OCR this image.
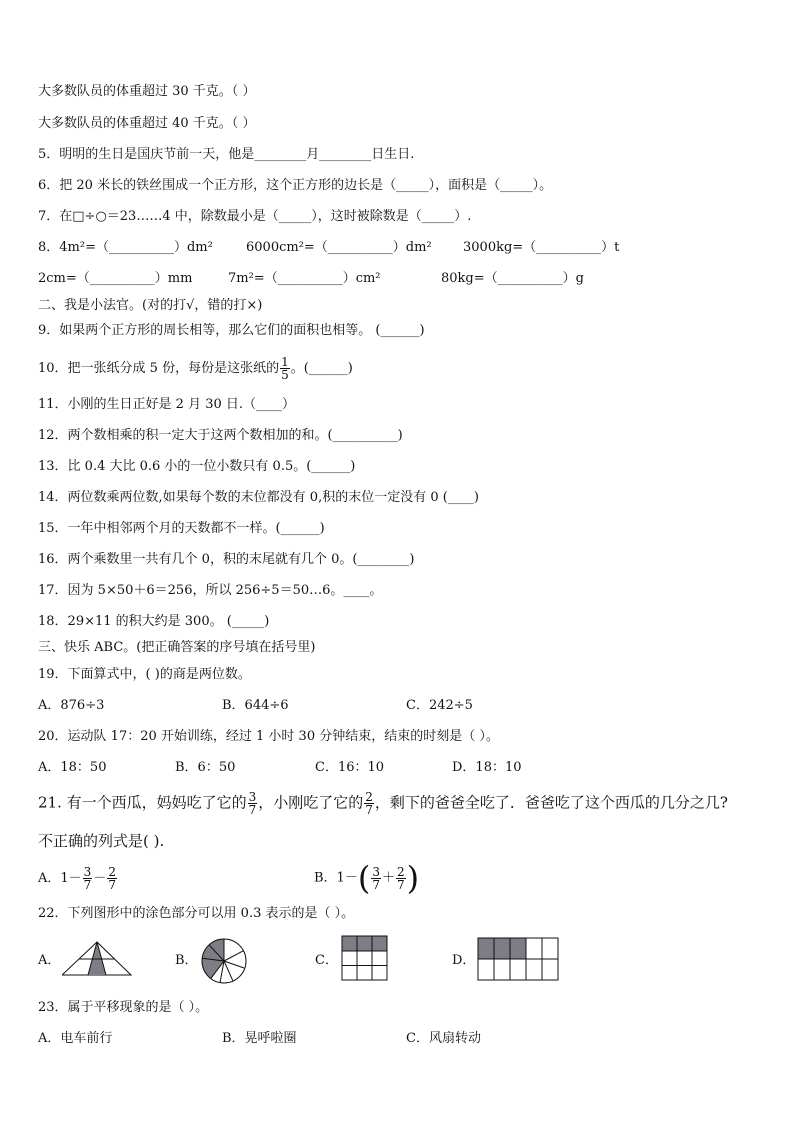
大多数队员的体重超过 30 千克。（ ）
大多数队员的体重超过 40 千克。（ ）
5．明明的生日是国庆节前一天，他是________月________日生日.
6．把 20 米长的铁丝围成一个正方形，这个正方形的边长是（_____），面积是（_____）。
7．在□÷○＝23……4 中，除数最小是（_____），这时被除数是（_____）.
8．4m²=（__________）dm²	6000cm²=（__________）dm² 3000kg=（__________）t
2cm=（__________）mm	7m²=（__________）cm²	80kg=（__________）g
二、我是小法官。(对的打√，错的打×)
9．如果两个正方形的周长相等，那么它们的面积也相等。 (______)
10．把一张纸分成 5 份，每份是这张纸的 $\frac{1}{5}$ 。(______)
11．小刚的生日正好是 2 月 30 日.（____）
12．两个数相乘的积一定大于这两个数相加的和。(__________)
13．比 0.4 大比 0.6 小的一位小数只有 0.5。(______)
14．两位数乘两位数,如果每个数的末位都没有 0,积的末位一定没有 0 (____)
15．一年中相邻两个月的天数都不一样。(______)
16．两个乘数里一共有几个 0，积的末尾就有几个 0。(________)
17．因为 5×50＋6＝256，所以 256÷5＝50…6。____。
18．29×11 的积大约是 300。 (_____)
三、快乐 ABC。(把正确答案的序号填在括号里)
19．下面算式中，( )的商是两位数。
A．876÷3	B．644÷6	C．242÷5
20．运动队 17：20 开始训练，经过 1 小时 30 分钟结束，结束的时刻是（ ）。
A．18：50	B．6：50	C．16：10	D．18：10
21. 有一个西瓜，妈妈吃了它的 $\frac{3}{7}$ ，小刚吃了它的 $\frac{2}{7}$ ，剩下的爸爸全吃了．爸爸吃了这个西瓜的几分之几?
不正确的列式是( ).
A．$1- \frac{3}{7} - \frac{2}{7}$	B．$1-( \frac{3}{7} + \frac{2}{7}$ )
22．下列图形中的涂色部分可以用 0.3 表示的是（ ）。
A．	B．	C．	D．
23．属于平移现象的是（ ）。
A．电车前行	B．晃呼啦圈	C．风扇转动
